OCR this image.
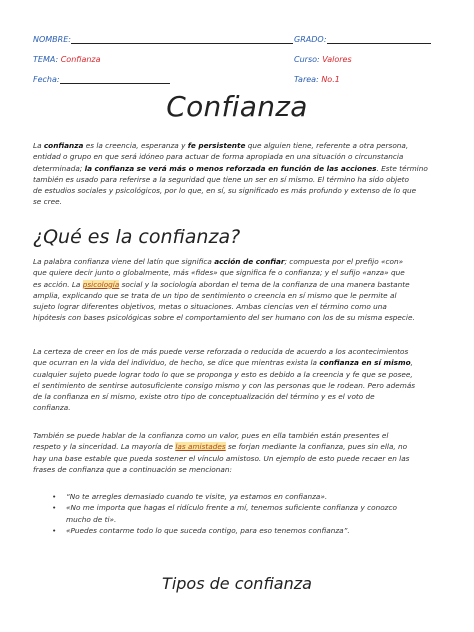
NOMBRE:	GRADO:
TEMA: Confianza	Curso: Valores
Fecha:	Tarea: No.1
Confianza
La confianza es la creencia, esperanza y fe persistente que alguien tiene, referente a otra persona,
entidad o grupo en que será idóneo para actuar de forma apropiada en una situación o circunstancia
determinada; la confianza se verá más o menos reforzada en función de las acciones. Este término
también es usado para referirse a la seguridad que tiene un ser en sí mismo. El término ha sido objeto
de estudios sociales y psicológicos, por lo que, en sí, su significado es más profundo y extenso de lo que
se cree.
¿Qué es la confianza?
La palabra confianza viene del latín que significa acción de confiar; compuesta por el prefijo «con»
que quiere decir junto o globalmente, más «fides» que significa fe o confianza; y el sufijo «anza» que
es acción. La psicología social y la sociología abordan el tema de la confianza de una manera bastante
amplia, explicando que se trata de un tipo de sentimiento o creencia en sí mismo que le permite al
sujeto lograr diferentes objetivos, metas o situaciones. Ambas ciencias ven el término como una
hipótesis con bases psicológicas sobre el comportamiento del ser humano con los de su misma especie.
La certeza de creer en los de más puede verse reforzada o reducida de acuerdo a los acontecimientos
que ocurran en la vida del individuo, de hecho, se dice que mientras exista la confianza en sí mismo,
cualquier sujeto puede lograr todo lo que se proponga y esto es debido a la creencia y fe que se posee,
el sentimiento de sentirse autosuficiente consigo mismo y con las personas que le rodean. Pero además
de la confianza en sí mismo, existe otro tipo de conceptualización del término y es el voto de
confianza.
También se puede hablar de la confianza como un valor, pues en ella también están presentes el
respeto y la sinceridad. La mayoría de las amistades se forjan mediante la confianza, pues sin ella, no
hay una base estable que pueda sostener el vínculo amistoso. Un ejemplo de esto puede recaer en las
frases de confianza que a continuación se mencionan:
• “No te arregles demasiado cuando te visite, ya estamos en confianza».
• «No me importa que hagas el ridículo frente a mí, tenemos suficiente confianza y conozco
mucho de ti».
• «Puedes contarme todo lo que suceda contigo, para eso tenemos confianza”.
Tipos de confianza
